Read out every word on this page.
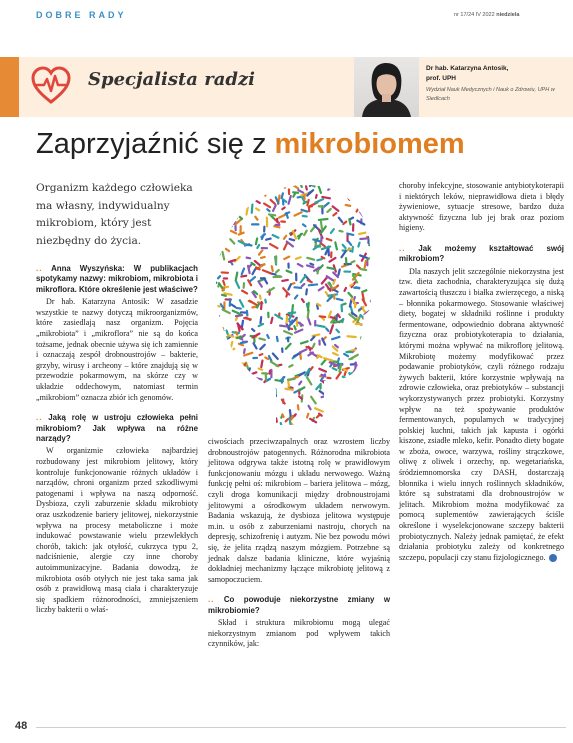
DOBRE RADY	nr 17/24 IV 2022 niedziela
Specjalista radzi
Dr hab. Katarzyna Antosik,
prof. UPH
Wydział Nauk Medycznych i Nauk o Zdrowiu, UPH w Siedlcach
Zaprzyjaźnić się z mikrobiomem
Organizm każdego człowieka ma własny, indywidualny mikrobiom, który jest niezbędny do życia.

.. Anna Wyszyńska: W publikacjach spotykamy nazwy: mikrobiom, mikrobiota i mikroflora. Które określenie jest właściwe?

Dr hab. Katarzyna Antosik: W zasadzie wszystkie te nazwy dotyczą mikroorganizmów, które zasiedlają nasz organizm. Pojęcia „mikrobiota” i „mikroflora” nie są do końca tożsame, jednak obecnie używa się ich zamiennie i oznaczają zespół drobnoustrojów – bakterie, grzyby, wirusy i archeony – które znajdują się w przewodzie pokarmowym, na skórze czy w układzie oddechowym, natomiast termin „mikrobiom” oznacza zbiór ich genomów.

.. Jaką rolę w ustroju człowieka pełni mikrobiom? Jak wpływa na różne narządy?

W organizmie człowieka najbardziej rozbudowany jest mikrobiom jelitowy, który kontroluje funkcjonowanie różnych układów i narządów, chroni organizm przed szkodliwymi patogenami i wpływa na naszą odporność. Dysbioza, czyli zaburzenie składu mikrobioty oraz uszkodzenie bariery jelitowej, niekorzystnie wpływa na procesy metaboliczne i może indukować powstawanie wielu przewlekłych chorób, takich: jak otyłość, cukrzyca typu 2, nadciśnienie, alergie czy inne choroby autoimmunizacyjne. Badania dowodzą, że mikrobiota osób otyłych nie jest taka sama jak osób z prawidłową masą ciała i charakteryzuje się spadkiem różnorodności, zmniejszeniem liczby bakterii o właś-

ciwościach przeciwzapalnych oraz wzrostem liczby drobnoustrojów patogennych. Różnorodna mikrobiota jelitowa odgrywa także istotną rolę w prawidłowym funkcjonowaniu mózgu i układu nerwowego. Ważną funkcję pełni oś: mikrobiom – bariera jelitowa – mózg, czyli droga komunikacji między drobnoustrojami jelitowymi a ośrodkowym układem nerwowym. Badania wskazują, że dysbioza jelitowa występuje m.in. u osób z zaburzeniami nastroju, chorych na depresję, schizofrenię i autyzm. Nie bez powodu mówi się, że jelita rządzą naszym mózgiem. Potrzebne są jednak dalsze badania kliniczne, które wyjaśnią dokładniej mechanizmy łączące mikrobiotę jelitową z samopoczuciem.

.. Co powoduje niekorzystne zmiany w mikrobiomie?

Skład i struktura mikrobiomu mogą ulegać niekorzystnym zmianom pod wpływem takich czynników, jak:

choroby infekcyjne, stosowanie antybiotykoterapii i niektórych leków, nieprawidłowa dieta i błędy żywieniowe, sytuacje stresowe, bardzo duża aktywność fizyczna lub jej brak oraz poziom higieny.

.. Jak możemy kształtować swój mikrobiom?

Dla naszych jelit szczególnie niekorzystna jest tzw. dieta zachodnia, charakteryzująca się dużą zawartością tłuszczu i białka zwierzęcego, a niską – błonnika pokarmowego. Stosowanie właściwej diety, bogatej w składniki roślinne i produkty fermentowane, odpowiednio dobrana aktywność fizyczna oraz probiotykoterapia to działania, którymi można wpływać na mikroflorę jelitową. Mikrobiotę możemy modyfikować przez podawanie probiotyków, czyli różnego rodzaju żywych bakterii, które korzystnie wpływają na zdrowie człowieka, oraz prebiotyków – substancji wykorzystywanych przez probiotyki. Korzystny wpływ na też spożywanie produktów fermentowanych, popularnych w tradycyjnej polskiej kuchni, takich jak kapusta i ogórki kiszone, zsiadłe mleko, kefir. Ponadto diety bogate w zboża, owoce, warzywa, rośliny strączkowe, oliwę z oliwek i orzechy, np. wegetariańska, śródziemnomorska czy DASH, dostarczają błonnika i wielu innych roślinnych składników, które są substratami dla drobnoustrojów w jelitach. Mikrobiom można modyfikować za pomocą suplementów zawierających ściśle określone i wyselekcjonowane szczepy bakterii probiotycznych. Należy jednak pamiętać, że efekt działania probiotyku zależy od konkretnego szczepu, populacji czy stanu fizjologicznego.

48
